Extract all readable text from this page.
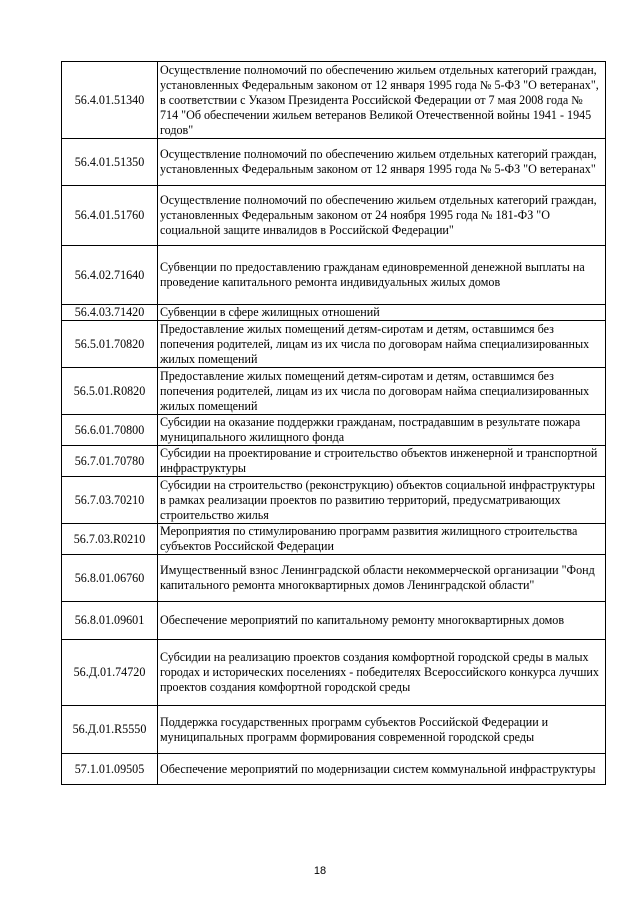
56.4.01.51340	Осуществление полномочий по обеспечению жильем отдельных категорий граждан, установленных Федеральным законом от 12 января 1995 года № 5-ФЗ "О ветеранах", в соответствии с Указом Президента Российской Федерации от 7 мая 2008 года № 714 "Об обеспечении жильем ветеранов Великой Отечественной войны 1941 - 1945 годов"
56.4.01.51350	Осуществление полномочий по обеспечению жильем отдельных категорий граждан, установленных Федеральным законом от 12 января 1995 года № 5-ФЗ "О ветеранах"
56.4.01.51760	Осуществление полномочий по обеспечению жильем отдельных категорий граждан, установленных Федеральным законом от 24 ноября 1995 года № 181-ФЗ "О социальной защите инвалидов в Российской Федерации"
56.4.02.71640	Субвенции по предоставлению гражданам единовременной денежной выплаты на проведение капитального ремонта индивидуальных жилых домов
56.4.03.71420	Субвенции в сфере жилищных отношений
56.5.01.70820	Предоставление жилых помещений детям-сиротам и детям, оставшимся без попечения родителей, лицам из их числа по договорам найма специализированных жилых помещений
56.5.01.R0820	Предоставление жилых помещений детям-сиротам и детям, оставшимся без попечения родителей, лицам из их числа по договорам найма специализированных жилых помещений
56.6.01.70800	Субсидии на оказание поддержки гражданам, пострадавшим в результате пожара муниципального жилищного фонда
56.7.01.70780	Субсидии на проектирование и строительство объектов инженерной и транспортной инфраструктуры
56.7.03.70210	Субсидии на строительство (реконструкцию) объектов социальной инфраструктуры в рамках реализации проектов по развитию территорий, предусматривающих строительство жилья
56.7.03.R0210	Мероприятия по стимулированию программ развития жилищного строительства субъектов Российской Федерации
56.8.01.06760	Имущественный взнос Ленинградской области некоммерческой организации "Фонд капитального ремонта многоквартирных домов Ленинградской области"
56.8.01.09601	Обеспечение мероприятий по капитальному ремонту многоквартирных домов
56.Д.01.74720	Субсидии на реализацию проектов создания комфортной городской среды в малых городах и исторических поселениях - победителях Всероссийского конкурса лучших проектов создания комфортной городской среды
56.Д.01.R5550	Поддержка государственных программ субъектов Российской Федерации и муниципальных программ формирования современной городской среды
57.1.01.09505	Обеспечение мероприятий по модернизации систем коммунальной инфраструктуры
18
